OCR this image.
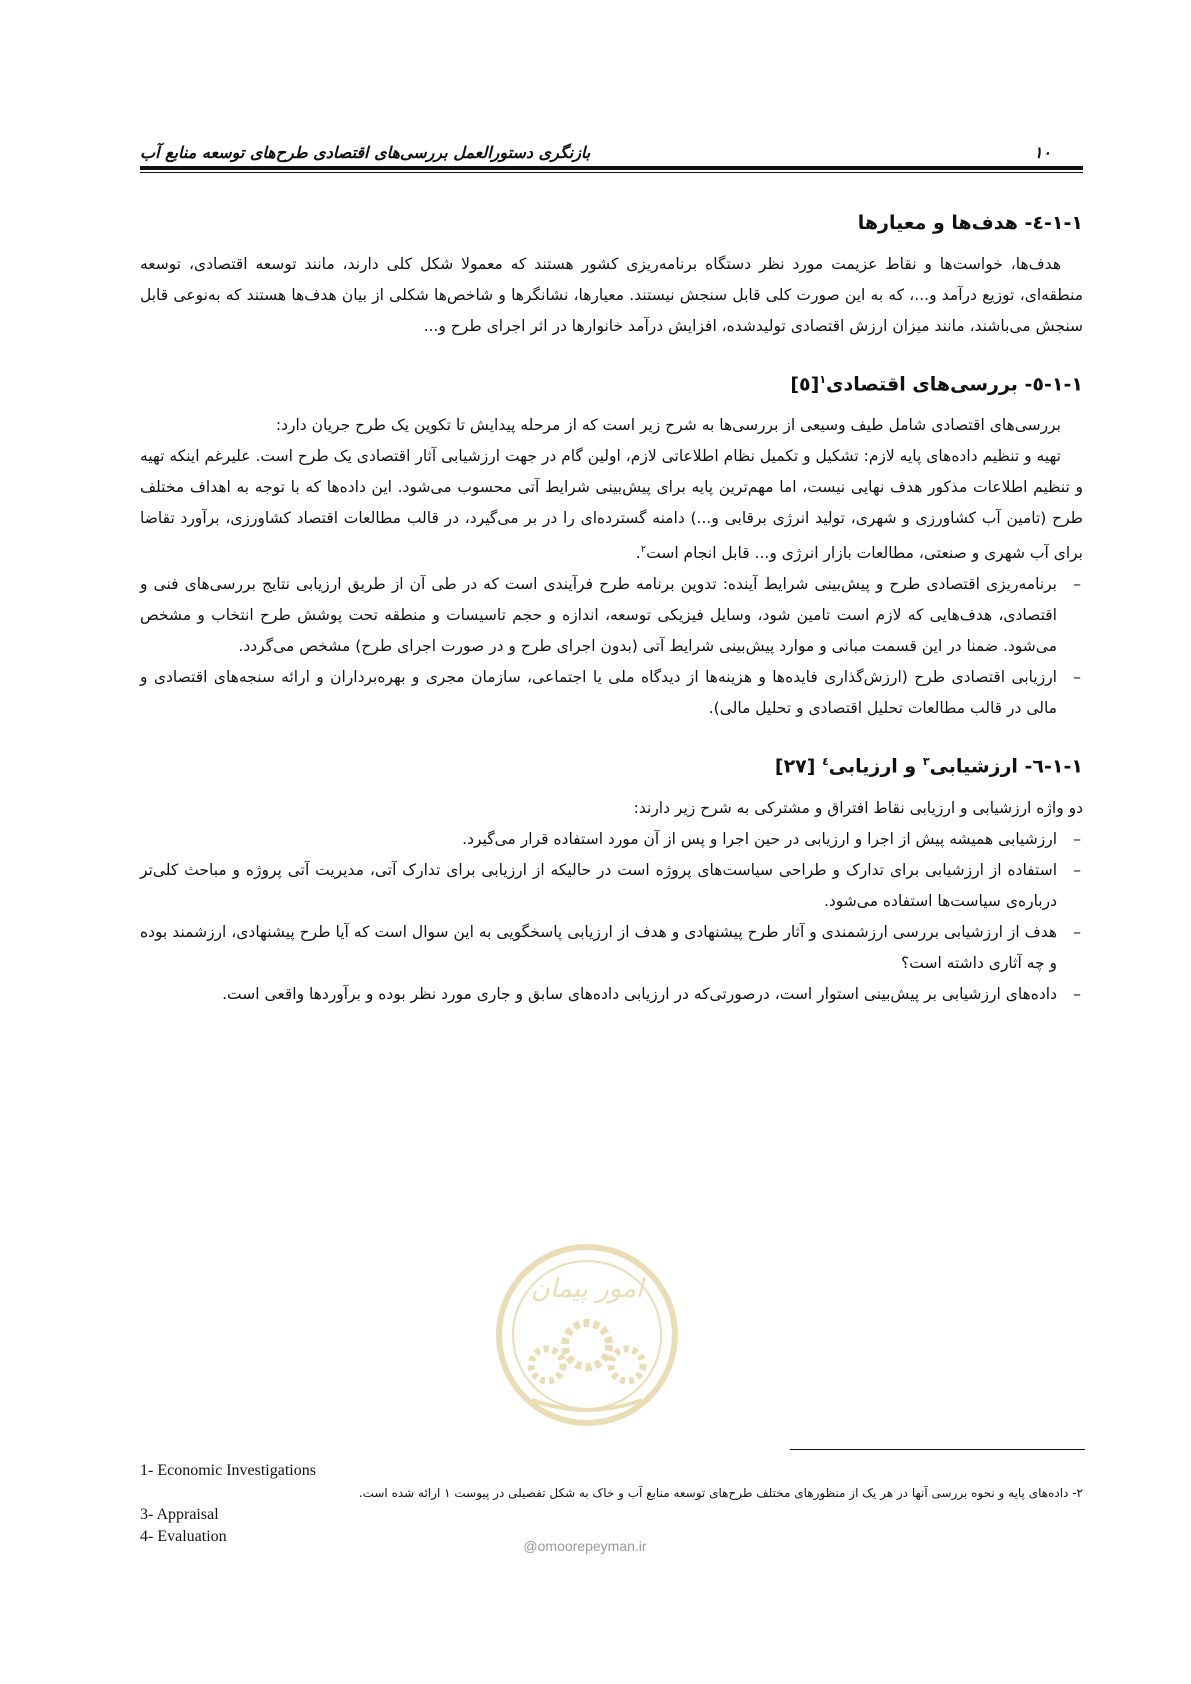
۱۰
بازنگری دستورالعمل بررسی‌های اقتصادی طرح‌های توسعه منابع آب
۱-۱-٤- هدف‌ها و معیارها

هدف‌ها، خواست‌ها و نقاط عزیمت مورد نظر دستگاه برنامه‌ریزی کشور هستند که معمولا شکل کلی دارند، مانند توسعه اقتصادی، توسعه منطقه‌ای، توزیع درآمد و...، که به این صورت کلی قابل سنجش نیستند. معیارها، نشانگرها و شاخص‌ها شکلی از بیان هدف‌ها هستند که به‌نوعی قابل سنجش می‌باشند، مانند میزان ارزش اقتصادی تولیدشده، افزایش درآمد خانوارها در اثر اجرای طرح و...

۱-۱-٥- بررسی‌های اقتصادی$^۱$[٥]

بررسی‌های اقتصادی شامل طیف وسیعی از بررسی‌ها به شرح زیر است که از مرحله پیدایش تا تکوین یک طرح جریان دارد:

تهیه و تنظیم داده‌های پایه لازم: تشکیل و تکمیل نظام اطلاعاتی لازم، اولین گام در جهت ارزشیابی آثار اقتصادی یک طرح است. علیرغم اینکه تهیه و تنظیم اطلاعات مذکور هدف نهایی نیست، اما مهم‌ترین پایه برای پیش‌بینی شرایط آتی محسوب می‌شود. این داده‌ها که با توجه به اهداف مختلف طرح (تامین آب کشاورزی و شهری، تولید انرژی برقابی و...) دامنه گسترده‌ای را در بر می‌گیرد، در قالب مطالعات اقتصاد کشاورزی، برآورد تقاضا برای آب شهری و صنعتی، مطالعات بازار انرژی و... قابل انجام است$^۲$.

– برنامه‌ریزی اقتصادی طرح و پیش‌بینی شرایط آینده: تدوین برنامه طرح فرآیندی است که در طی آن از طریق ارزیابی نتایج بررسی‌های فنی و اقتصادی، هدف‌هایی که لازم است تامین شود، وسایل فیزیکی توسعه، اندازه و حجم تاسیسات و منطقه تحت پوشش طرح انتخاب و مشخص می‌شود. ضمنا در این قسمت مبانی و موارد پیش‌بینی شرایط آتی (بدون اجرای طرح و در صورت اجرای طرح) مشخص می‌گردد.
– ارزیابی اقتصادی طرح (ارزش‌گذاری فایده‌ها و هزینه‌ها از دیدگاه ملی یا اجتماعی، سازمان مجری و بهره‌برداران و ارائه سنجه‌های اقتصادی و مالی در قالب مطالعات تحلیل اقتصادی و تحلیل مالی).
۱-۱-٦- ارزشیابی$^۳$ و ارزیابی$^٤$ [۲۷]

دو واژه ارزشیابی و ارزیابی نقاط افتراق و مشترکی به شرح زیر دارند:

– ارزشیابی همیشه پیش از اجرا و ارزیابی در حین اجرا و پس از آن مورد استفاده قرار می‌گیرد.
– استفاده از ارزشیابی برای تدارک و طراحی سیاست‌های پروژه است در حالیکه از ارزیابی برای تدارک آتی، مدیریت آتی پروژه و مباحث کلی‌تر درباره‌ی سیاست‌ها استفاده می‌شود.
– هدف از ارزشیابی بررسی ارزشمندی و آثار طرح پیشنهادی و هدف از ارزیابی پاسخگویی به این سوال است که آیا طرح پیشنهادی، ارزشمند بوده و چه آثاری داشته است؟
– داده‌های ارزشیابی بر پیش‌بینی استوار است، درصورتی‌که در ارزیابی داده‌های سابق و جاری مورد نظر بوده و برآوردها واقعی است.
امور پیمان
@omoorepeyman.ir
1- Economic Investigations
۲- داده‌های پایه و نحوه بررسی آنها در هر یک از منظورهای مختلف طرح‌های توسعه منابع آب و خاک به شکل تفصیلی در پیوست ۱ ارائه شده است.
3- Appraisal
4- Evaluation
